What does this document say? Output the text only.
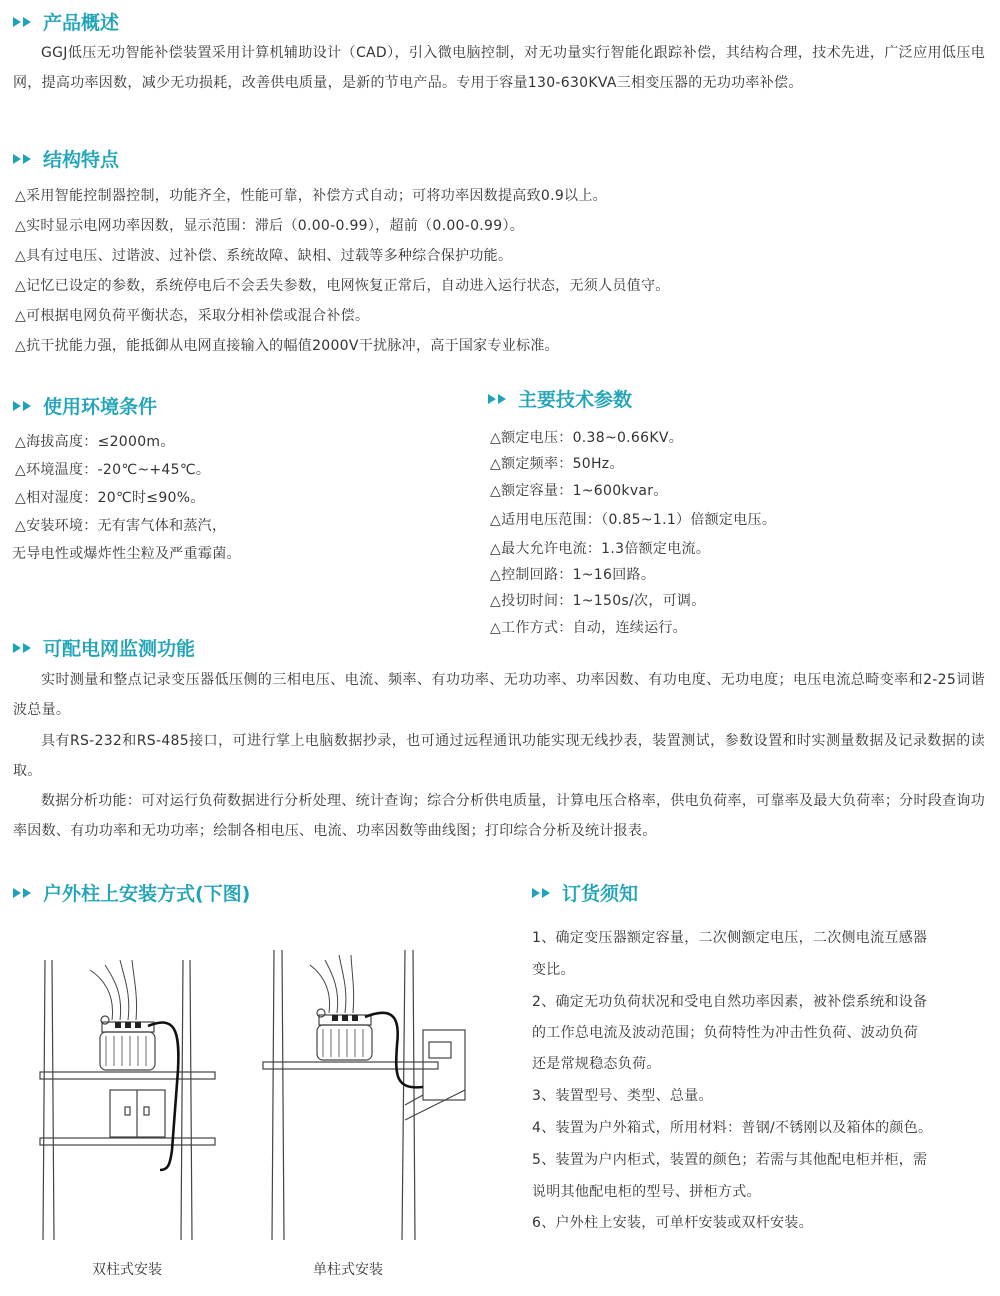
产品概述

GGJ低压无功智能补偿装置采用计算机辅助设计（CAD），引入微电脑控制，对无功量实行智能化跟踪补偿，其结构合理，技术先进，广泛应用低压电网，提高功率因数，减少无功损耗，改善供电质量，是新的节电产品。专用于容量130-630KVA三相变压器的无功功率补偿。

结构特点
△采用智能控制器控制，功能齐全，性能可靠，补偿方式自动；可将功率因数提高致0.9以上。
△实时显示电网功率因数，显示范围：滞后（0.00-0.99），超前（0.00-0.99）。
△具有过电压、过谐波、过补偿、系统故障、缺相、过载等多种综合保护功能。
△记忆已设定的参数，系统停电后不会丢失参数，电网恢复正常后，自动进入运行状态，无须人员值守。
△可根据电网负荷平衡状态，采取分相补偿或混合补偿。
△抗干扰能力强，能抵御从电网直接输入的幅值2000V干扰脉冲，高于国家专业标准。
使用环境条件
△海拔高度：≤2000m。
△环境温度：-20℃~+45℃。
△相对湿度：20℃时≤90%。
△安装环境：无有害气体和蒸汽，
无导电性或爆炸性尘粒及严重霉菌。
主要技术参数
△额定电压：0.38~0.66KV。
△额定频率：50Hz。
△额定容量：1~600kvar。
△适用电压范围：（0.85~1.1）倍额定电压。
△最大允许电流：1.3倍额定电流。
△控制回路：1~16回路。
△投切时间：1~150s/次，可调。
△工作方式：自动，连续运行。
可配电网监测功能

实时测量和整点记录变压器低压侧的三相电压、电流、频率、有功功率、无功功率、功率因数、有功电度、无功电度；电压电流总畸变率和2-25词谐波总量。

具有RS-232和RS-485接口，可进行掌上电脑数据抄录，也可通过远程通讯功能实现无线抄表，装置测试，参数设置和时实测量数据及记录数据的读取。

数据分析功能：可对运行负荷数据进行分析处理、统计查询；综合分析供电质量，计算电压合格率，供电负荷率，可靠率及最大负荷率；分时段查询功率因数、有功功率和无功功率；绘制各相电压、电流、功率因数等曲线图；打印综合分析及统计报表。

户外柱上安装方式(下图)
双柱式安装	单柱式安装
订货须知
1、确定变压器额定容量，二次侧额定电压，二次侧电流互感器
变比。
2、确定无功负荷状况和受电自然功率因素，被补偿系统和设备
的工作总电流及波动范围；负荷特性为冲击性负荷、波动负荷
还是常规稳态负荷。
3、装置型号、类型、总量。
4、装置为户外箱式，所用材料：普钢/不锈刚以及箱体的颜色。
5、装置为户内柜式，装置的颜色；若需与其他配电柜并柜，需
说明其他配电柜的型号、拼柜方式。
6、户外柱上安装，可单杆安装或双杆安装。
